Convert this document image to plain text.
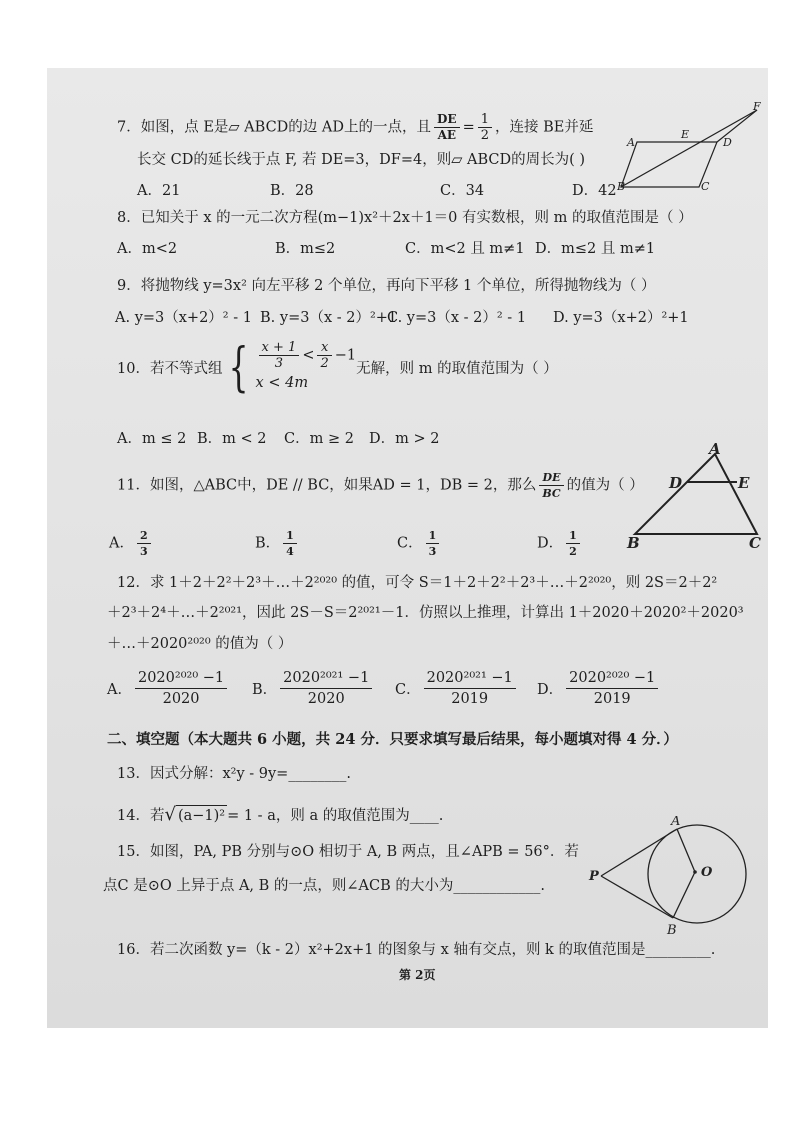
7．如图，点 E是▱ ABCD的边 AD上的一点，且 $\frac{DE}{AE} = \frac{1}{2}$ ，连接 BE并延
长交 CD的延长线于点 F, 若 DE=3，DF=4，则▱ ABCD的周长为( )
A．21	B．28	C．34	D．42
A	D
E
F
B	C
8．已知关于 x 的一元二次方程(m−1)x²＋2x＋1＝0 有实数根，则 m 的取值范围是（ ）
A．m<2	B．m≤2	C．m<2 且 m≠1 D．m≤2 且 m≠1
9．将抛物线 y=3x² 向左平移 2 个单位，再向下平移 1 个单位，所得抛物线为（ ）
A. y=3（x+2）² - 1 B. y=3（x - 2）²+1
C. y=3（x - 2）² - 1 D. y=3（x+2）²+1
10．若不等式组 { $\frac{x + 1}{3} < \frac{x}{2} -1$
x < 4m
无解，则 m 的取值范围为（ ）
A．m ≤ 2 B．m < 2 C．m ≥ 2 D．m > 2
11．如图，△ABC中，DE // BC，如果AD = 1，DB = 2，那么 $\frac{DE}{BC}$ 的值为（ ）
A． $\frac{2}{3}$	B． $\frac{1}{4}$	C． $\frac{1}{3}$	D． $\frac{1}{2}$
A
D	E
B	C
12．求 1＋2＋2²＋2³＋…＋2²⁰²⁰ 的值，可令 S＝1＋2＋2²＋2³＋…＋2²⁰²⁰，则 2S＝2＋2²
＋2³＋2⁴＋…＋2²⁰²¹，因此 2S－S＝2²⁰²¹－1．仿照以上推理，计算出 1＋2020＋2020²＋2020³
＋…＋2020²⁰²⁰ 的值为（ ）
A． $\frac{\text{2020²⁰²⁰ −1}}{2020}$ B． $\frac{\text{2020²⁰²¹ −1}}{2020}$ C． $\frac{\text{2020²⁰²¹ −1}}{2019}$ D． $\frac{\text{2020²⁰²⁰ −1}}{2019}$
二、填空题（本大题共 6 小题，共 24 分．只要求填写最后结果，每小题填对得 4 分．）
13．因式分解：x²y - 9y=________.
14．若√ (a−1)² = 1 - a，则 a 的取值范围为____.
15．如图，PA, PB 分别与⊙O 相切于 A, B 两点，且∠APB = 56°．若
点C 是⊙O 上异于点 A, B 的一点，则∠ACB 的大小为____________.
A
O
P
B
16．若二次函数 y=（k - 2）x²+2x+1 的图象与 x 轴有交点，则 k 的取值范围是_________.
第 2页
